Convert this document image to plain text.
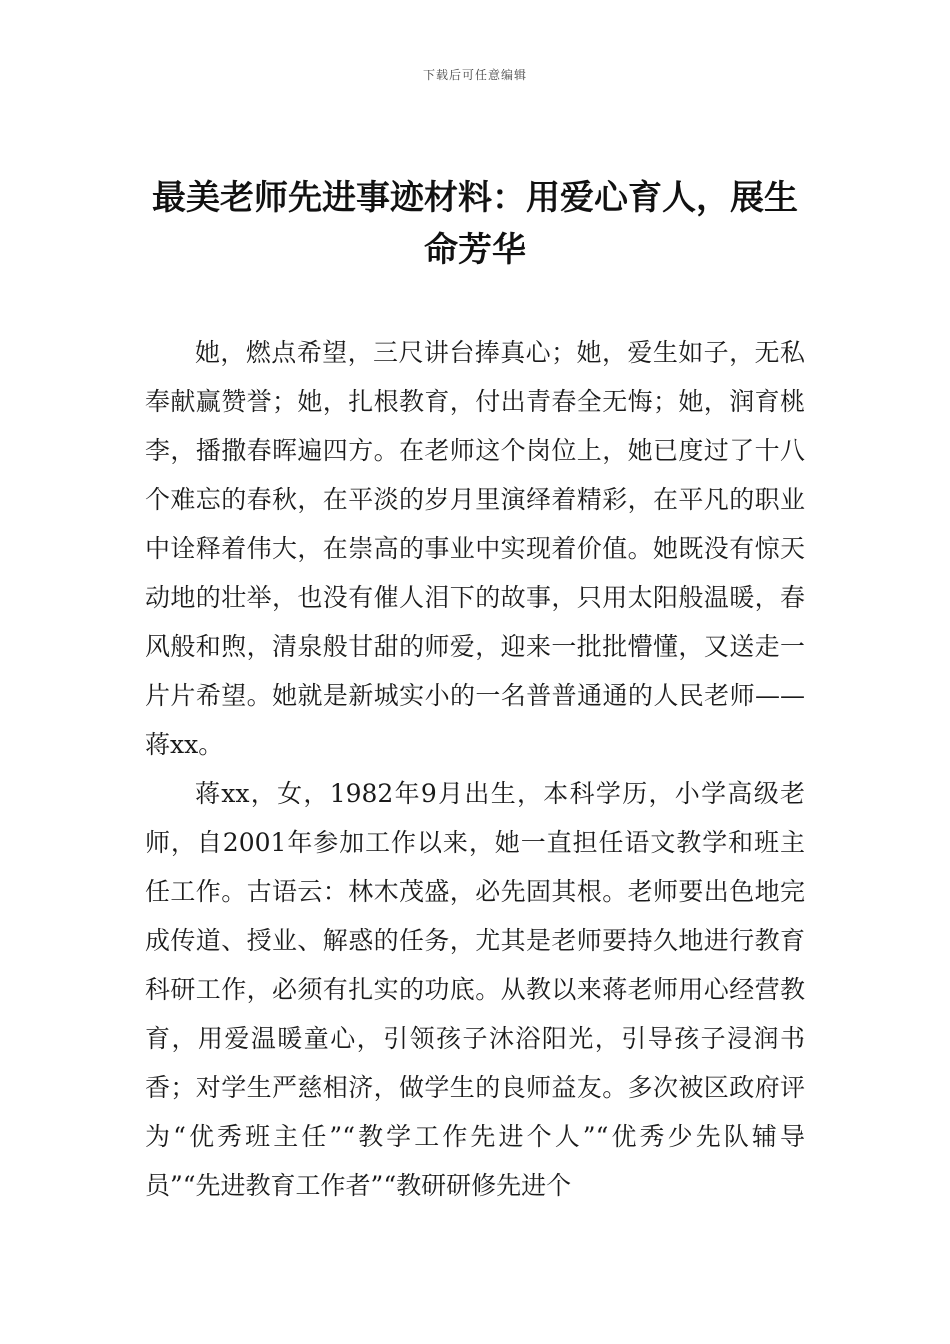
下载后可任意编辑
最美老师先进事迹材料：用爱心育人，展生命芳华

她，燃点希望，三尺讲台捧真心；她，爱生如子，无私奉献赢赞誉；她，扎根教育，付出青春全无悔；她，润育桃李，播撒春晖遍四方。在老师这个岗位上，她已度过了十八个难忘的春秋，在平淡的岁月里演绎着精彩，在平凡的职业中诠释着伟大，在崇高的事业中实现着价值。她既没有惊天动地的壮举，也没有催人泪下的故事，只用太阳般温暖，春风般和煦，清泉般甘甜的师爱，迎来一批批懵懂，又送走一片片希望。她就是新城实小的一名普普通通的人民老师——蒋xx。

蒋xx，女，1982年9月出生，本科学历，小学高级老师，自2001年参加工作以来，她一直担任语文教学和班主任工作。古语云：林木茂盛，必先固其根。老师要出色地完成传道、授业、解惑的任务，尤其是老师要持久地进行教育科研工作，必须有扎实的功底。从教以来蒋老师用心经营教育，用爱温暖童心，引领孩子沐浴阳光，引导孩子浸润书香；对学生严慈相济，做学生的良师益友。多次被区政府评为“优秀班主任”“教学工作先进个人”“优秀少先队辅导员”“先进教育工作者”“教研研修先进个
